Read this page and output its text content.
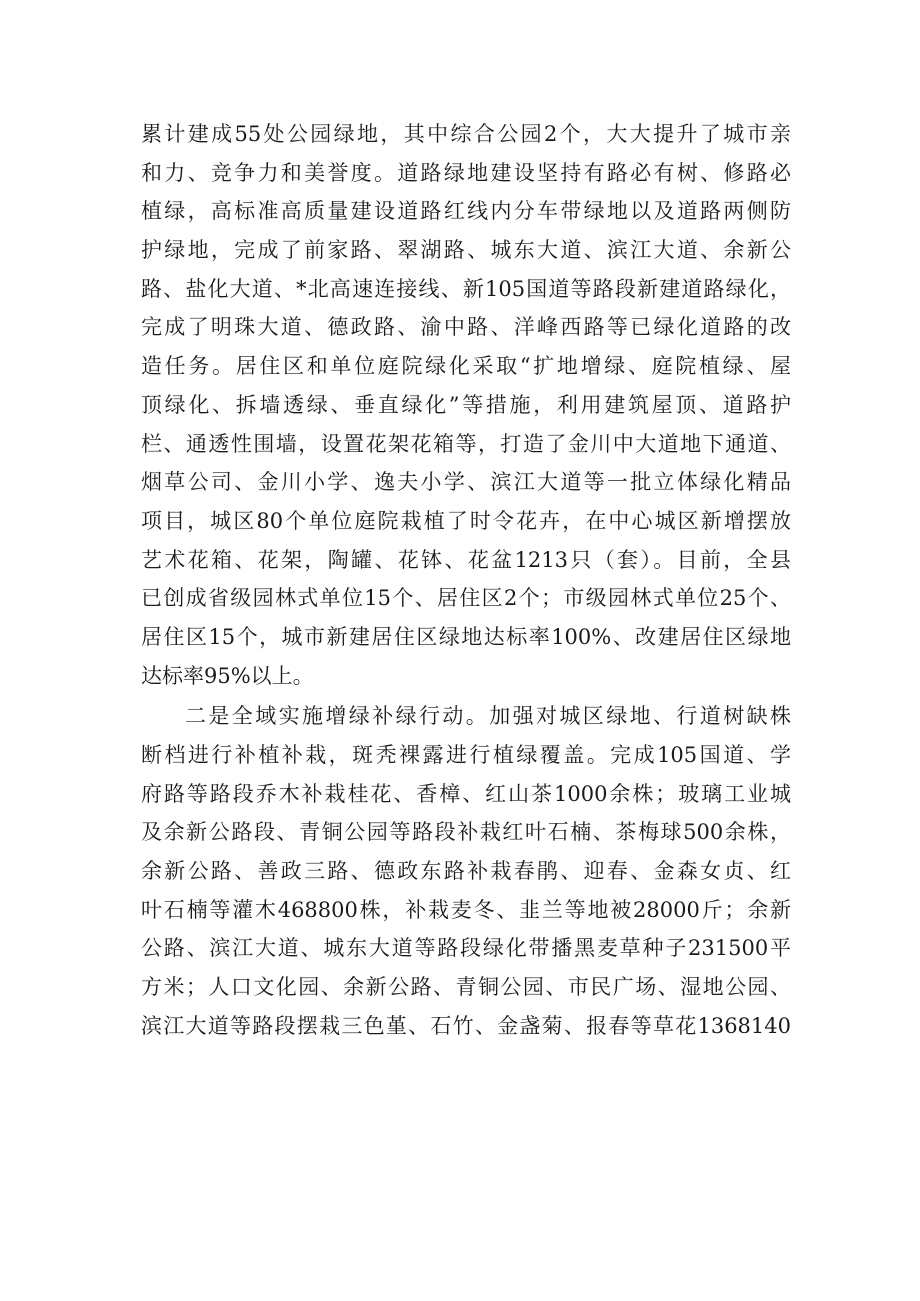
累计建成55处公园绿地，其中综合公园2个，大大提升了城市亲
和力、竞争力和美誉度。道路绿地建设坚持有路必有树、修路必
植绿，高标准高质量建设道路红线内分车带绿地以及道路两侧防
护绿地，完成了前家路、翠湖路、城东大道、滨江大道、余新公
路、盐化大道、*北高速连接线、新105国道等路段新建道路绿化，
完成了明珠大道、德政路、渝中路、洋峰西路等已绿化道路的改
造任务。居住区和单位庭院绿化采取“扩地增绿、庭院植绿、屋
顶绿化、拆墙透绿、垂直绿化”等措施，利用建筑屋顶、道路护
栏、通透性围墙，设置花架花箱等，打造了金川中大道地下通道、
烟草公司、金川小学、逸夫小学、滨江大道等一批立体绿化精品
项目，城区80个单位庭院栽植了时令花卉，在中心城区新增摆放
艺术花箱、花架，陶罐、花钵、花盆1213只（套）。目前，全县
已创成省级园林式单位15个、居住区2个；市级园林式单位25个、
居住区15个，城市新建居住区绿地达标率100%、改建居住区绿地
达标率95%以上。
二是全域实施增绿补绿行动。加强对城区绿地、行道树缺株
断档进行补植补栽，斑秃裸露进行植绿覆盖。完成105国道、学
府路等路段乔木补栽桂花、香樟、红山茶1000余株；玻璃工业城
及余新公路段、青铜公园等路段补栽红叶石楠、茶梅球500余株，
余新公路、善政三路、德政东路补栽春鹃、迎春、金森女贞、红
叶石楠等灌木468800株，补栽麦冬、韭兰等地被28000斤；余新
公路、滨江大道、城东大道等路段绿化带播黑麦草种子231500平
方米；人口文化园、余新公路、青铜公园、市民广场、湿地公园、
滨江大道等路段摆栽三色堇、石竹、金盏菊、报春等草花1368140
